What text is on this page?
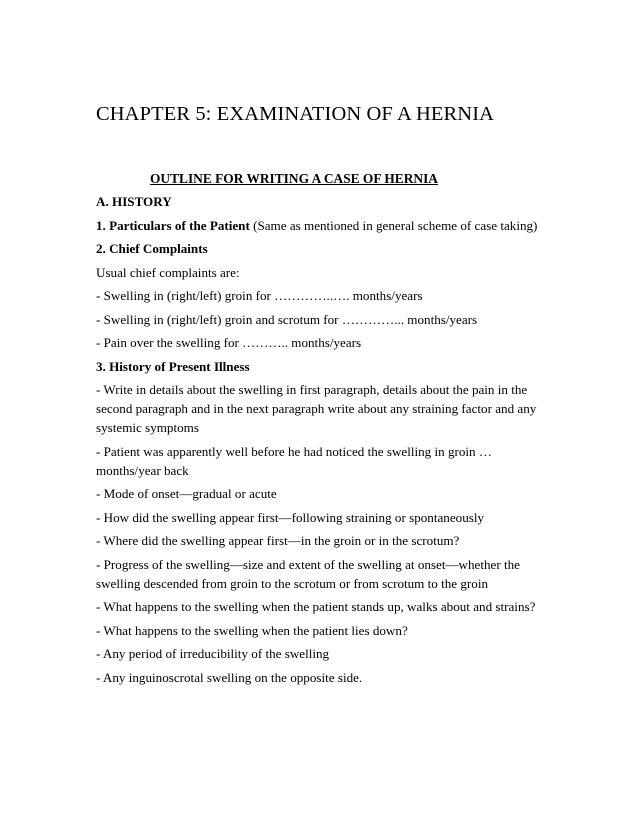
CHAPTER 5: EXAMINATION OF A HERNIA
OUTLINE FOR WRITING A CASE OF HERNIA

A. HISTORY

1. Particulars of the Patient (Same as mentioned in general scheme of case taking)

2. Chief Complaints

Usual chief complaints are:

- Swelling in (right/left) groin for …………..…. months/years

- Swelling in (right/left) groin and scrotum for …………... months/years

- Pain over the swelling for ……….. months/years

3. History of Present Illness

- Write in details about the swelling in first paragraph, details about the pain in the second paragraph and in the next paragraph write about any straining factor and any systemic symptoms

- Patient was apparently well before he had noticed the swelling in groin … months/year back

- Mode of onset—gradual or acute

- How did the swelling appear first—following straining or spontaneously

- Where did the swelling appear first—in the groin or in the scrotum?

- Progress of the swelling—size and extent of the swelling at onset—whether the swelling descended from groin to the scrotum or from scrotum to the groin

- What happens to the swelling when the patient stands up, walks about and strains?

- What happens to the swelling when the patient lies down?

- Any period of irreducibility of the swelling

- Any inguinoscrotal swelling on the opposite side.
